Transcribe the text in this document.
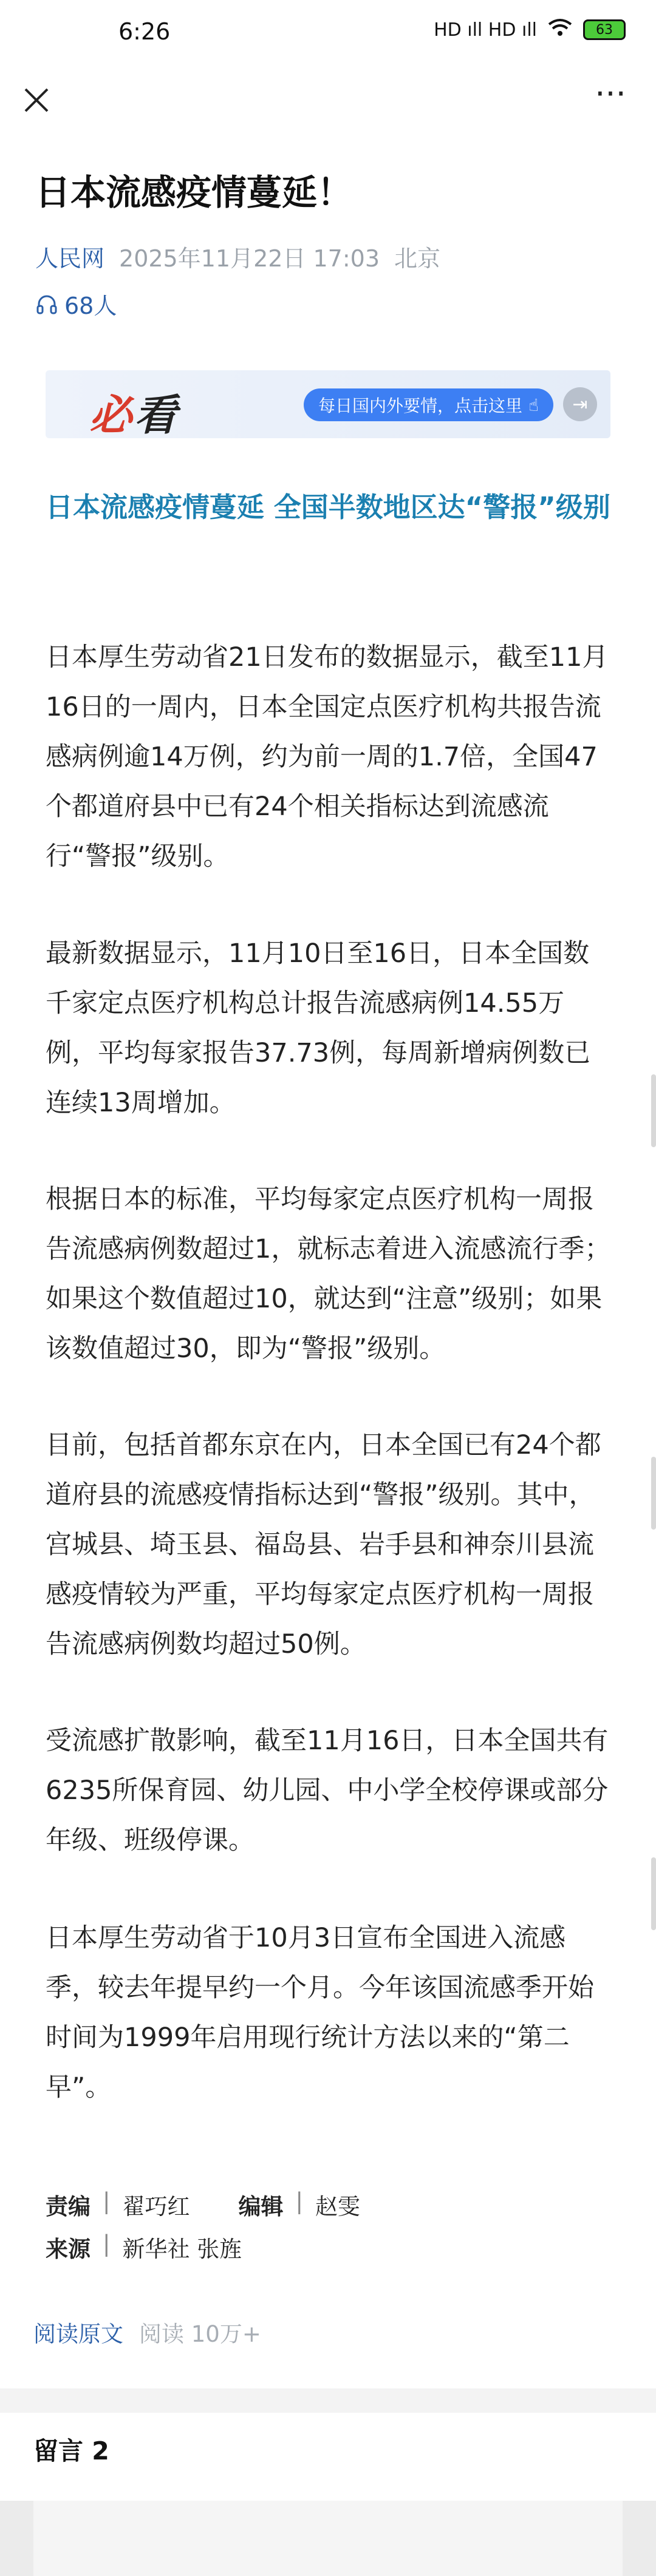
6:26	HD ıll HD ıll	63
···
日本流感疫情蔓延！
人民网 2025年11月22日 17:03 北京
68人
必看	每日国内外要情，点击这里 ☝	⇥
日本流感疫情蔓延 全国半数地区达“警报”级别
日本厚生劳动省21日发布的数据显示，截至11月16日的一周内，日本全国定点医疗机构共报告流感病例逾14万例，约为前一周的1.7倍，全国47个都道府县中已有24个相关指标达到流感流行“警报”级别。
最新数据显示，11月10日至16日，日本全国数千家定点医疗机构总计报告流感病例14.55万例，平均每家报告37.73例，每周新增病例数已连续13周增加。
根据日本的标准，平均每家定点医疗机构一周报告流感病例数超过1，就标志着进入流感流行季；如果这个数值超过10，就达到“注意”级别；如果该数值超过30，即为“警报”级别。
目前，包括首都东京在内，日本全国已有24个都道府县的流感疫情指标达到“警报”级别。其中，宫城县、埼玉县、福岛县、岩手县和神奈川县流感疫情较为严重，平均每家定点医疗机构一周报告流感病例数均超过50例。
受流感扩散影响，截至11月16日，日本全国共有6235所保育园、幼儿园、中小学全校停课或部分年级、班级停课。
日本厚生劳动省于10月3日宣布全国进入流感季，较去年提早约一个月。今年该国流感季开始时间为1999年启用现行统计方法以来的“第二早”。
责编 | 翟巧红 编辑 | 赵雯
来源 | 新华社 张旌
阅读原文 阅读 10万+
留言 2
